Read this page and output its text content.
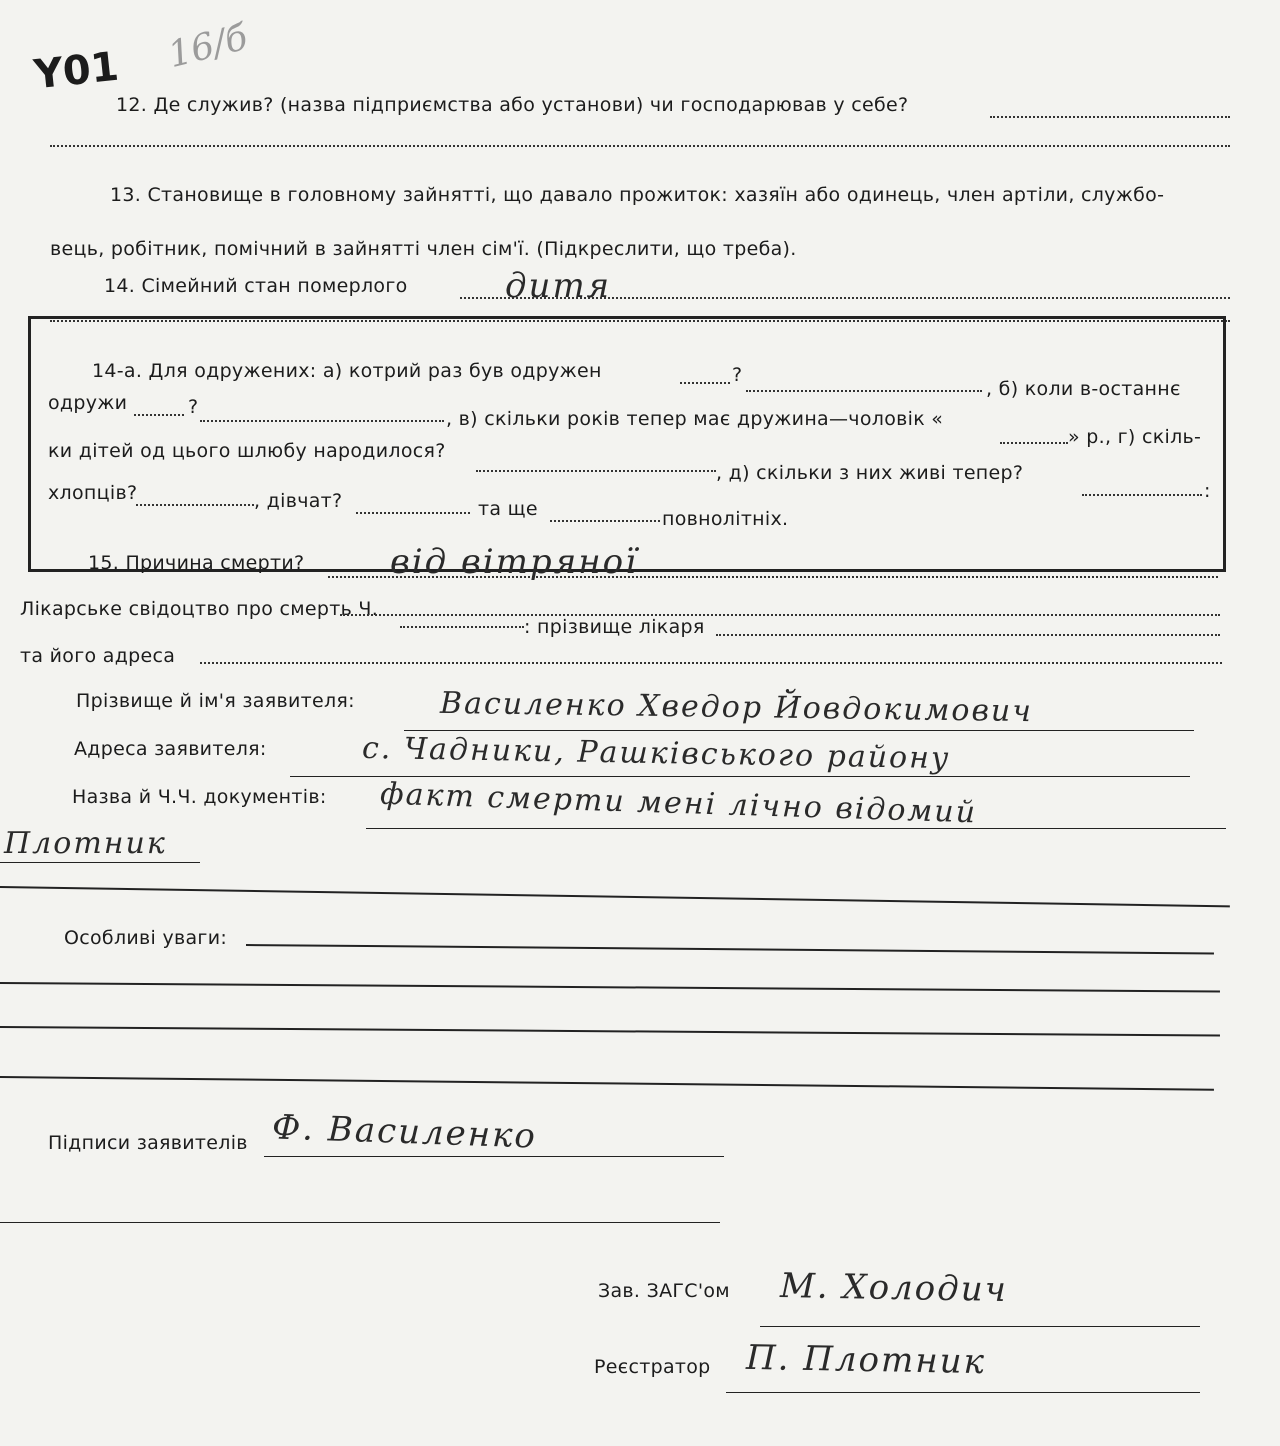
Y01 16/б
12. Де служив? (назва підприємства або установи) чи господарював у себе?
13. Становище в головному зайнятті, що давало прожиток: хазяїн або одинець, член артіли, службо-
вець, робітник, помічний в зайнятті член сім'ї. (Підкреслити, що треба).
14. Сімейний стан померлого	дитя
14-а. Для одружених: а) котрий раз був одружен	?
, б) коли в-останнє
одружи	?
, в) скільки років тепер має дружина—чоловік «
» р., г) скіль-
ки дітей од цього шлюбу народилося?
, д) скільки з них живі тепер?
:
хлопців?	, дівчат?	та ще	повнолітніх.
15. Причина смерти?	від вітряної
Лікарське свідоцтво про смерть Ч.
: прізвище лікаря
та його адреса
Прізвище й ім'я заявителя:	Василенко Хведор Йовдокимович
Адреса заявителя:	с. Чадники, Рашківського району
Назва й Ч.Ч. документів: факт смерти мені лічно відомий
Плотник
Особливі уваги:
Підписи заявителів Ф. Василенко
Зав. ЗАГС'ом М. Холодич
Реєстратор П. Плотник
